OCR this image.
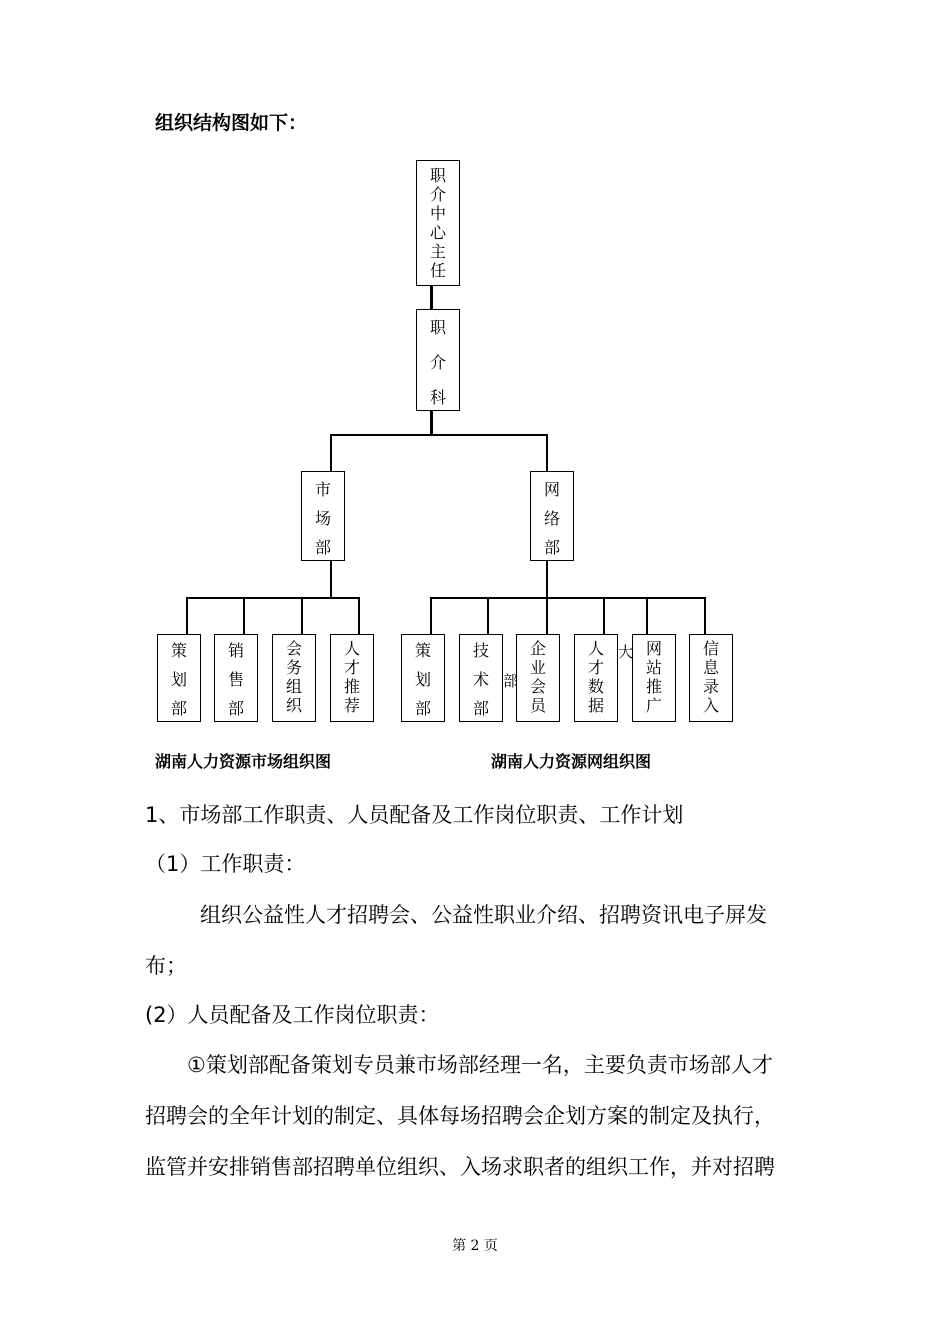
组织结构图如下：
职
介
中
心
主
任
职
介
科
市
场
部
网
络
部
策
划
部
销
售
部
会
务
组
织
人
才
推
荐
策
划
部
技
术
部
企
业
会
员
人
才
数
据
网
站
推
广
信
息
录
入
部
大
湖南人力资源市场组织图	湖南人力资源网组织图
1、市场部工作职责、人员配备及工作岗位职责、工作计划
（1）工作职责：
组织公益性人才招聘会、公益性职业介绍、招聘资讯电子屏发
布；
(2）人员配备及工作岗位职责：
①策划部配备策划专员兼市场部经理一名，主要负责市场部人才
招聘会的全年计划的制定、具体每场招聘会企划方案的制定及执行，
监管并安排销售部招聘单位组织、入场求职者的组织工作，并对招聘
第 2 页
